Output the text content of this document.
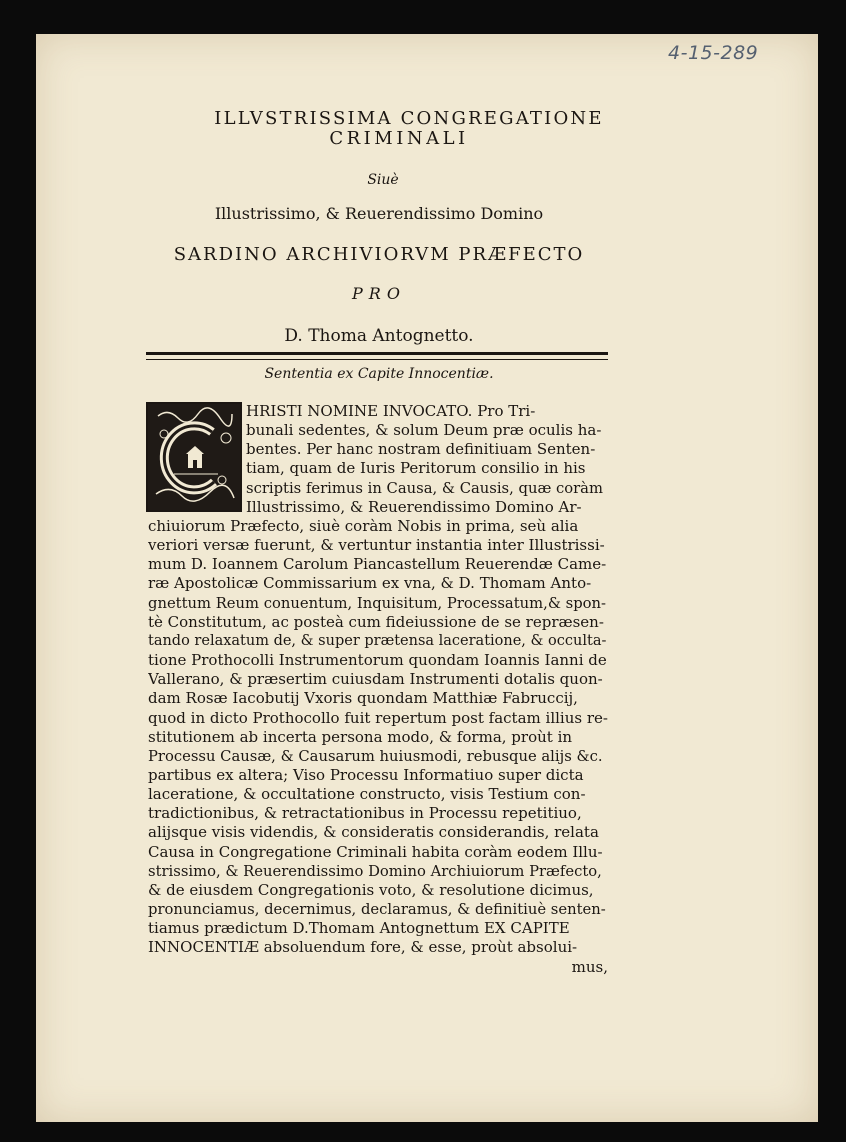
4-15-289
ILLVSTRISSIMA CONGREGATIONE
CRIMINALI
Siuè
Illustrissimo, & Reuerendissimo Domino
SARDINO ARCHIVIORVM PRÆFECTO
PRO
D. Thoma Antognetto.
Sententia ex Capite Innocentiæ.
HRISTI NOMINE INVOCATO. Pro Tri-
bunali sedentes, & solum Deum præ oculis ha-
bentes. Per hanc nostram definitiuam Senten-
tiam, quam de Iuris Peritorum consilio in his
scriptis ferimus in Causa, & Causis, quæ coràm
Illustrissimo, & Reuerendissimo Domino Ar-
chiuiorum Præfecto, siuè coràm Nobis in prima, seù alia
veriori versæ fuerunt, & vertuntur instantia inter Illustrissi-
mum D. Ioannem Carolum Piancastellum Reuerendæ Came-
ræ Apostolicæ Commissarium ex vna, & D. Thomam Anto-
gnettum Reum conuentum, Inquisitum, Processatum,& spon-
tè Constitutum, ac posteà cum fideiussione de se repræsen-
tando relaxatum de, & super prætensa laceratione, & occulta-
tione Prothocolli Instrumentorum quondam Ioannis Ianni de
Vallerano, & præsertim cuiusdam Instrumenti dotalis quon-
dam Rosæ Iacobutij Vxoris quondam Matthiæ Fabruccij,
quod in dicto Prothocollo fuit repertum post factam illius re-
stitutionem ab incerta persona modo, & forma, proùt in
Processu Causæ, & Causarum huiusmodi, rebusque alijs &c.
partibus ex altera; Viso Processu Informatiuo super dicta
laceratione, & occultatione constructo, visis Testium con-
tradictionibus, & retractationibus in Processu repetitiuo,
alijsque visis videndis, & consideratis considerandis, relata
Causa in Congregatione Criminali habita coràm eodem Illu-
strissimo, & Reuerendissimo Domino Archiuiorum Præfecto,
& de eiusdem Congregationis voto, & resolutione dicimus,
pronunciamus, decernimus, declaramus, & definitiuè senten-
tiamus prædictum D.Thomam Antognettum EX CAPITE
INNOCENTIÆ absoluendum fore, & esse, proùt absolui-
mus,
